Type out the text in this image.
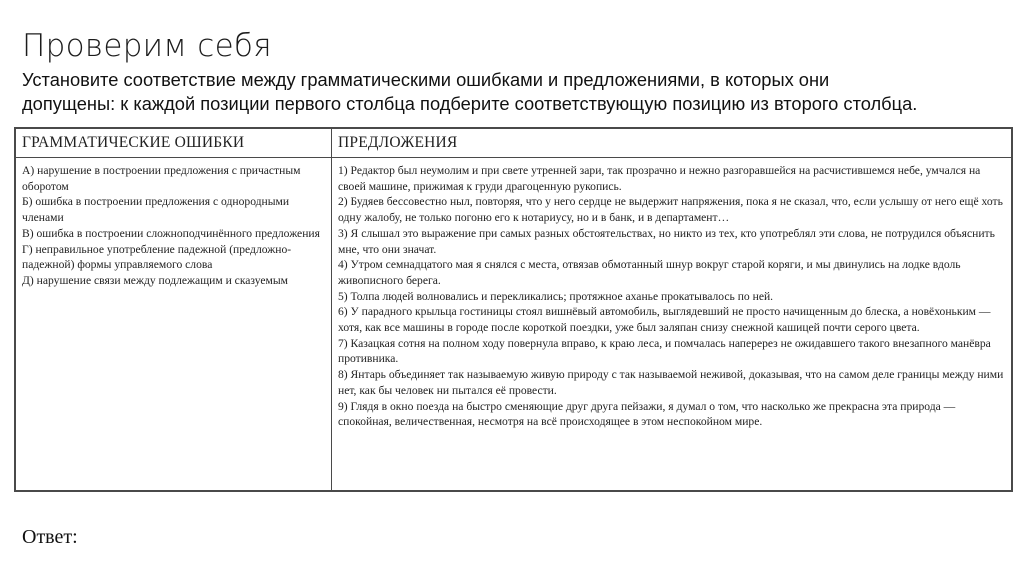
Проверим себя
Установите соответствие между грамматическими ошибками и предложениями, в которых они допущены: к каждой позиции первого столбца подберите соответствующую позицию из второго столбца.
ГРАММАТИЧЕСКИЕ ОШИБКИ	ПРЕДЛОЖЕНИЯ
А) нарушение в построении предложения с причастным оборотом
Б) ошибка в построении предложения с однородными членами
В) ошибка в построении сложноподчинённого предложения
Г) неправильное употребление падежной (предложно-падежной) формы управляемого слова
Д) нарушение связи между подлежащим и сказуемым
1) Редактор был неумолим и при свете утренней зари, так прозрачно и нежно разгоравшейся на расчистившемся небе, умчался на своей машине, прижимая к груди драгоценную рукопись.
2) Будяев бессовестно ныл, повторяя, что у него сердце не выдержит напряжения, пока я не сказал, что, если услышу от него ещё хоть одну жалобу, не только погоню его к нотариусу, но и в банк, и в департамент…
3) Я слышал это выражение при самых разных обстоятельствах, но никто из тех, кто употреблял эти слова, не потрудился объяснить мне, что они значат.
4) Утром семнадцатого мая я снялся с места, отвязав обмотанный шнур вокруг старой коряги, и мы двинулись на лодке вдоль живописного берега.
5) Толпа людей волновались и перекликались; протяжное аханье прокатывалось по ней.
6) У парадного крыльца гостиницы стоял вишнёвый автомобиль, выглядевший не просто начищенным до блеска, а новёхоньким — хотя, как все машины в городе после короткой поездки, уже был заляпан снизу снежной кашицей почти серого цвета.
7) Казацкая сотня на полном ходу повернула вправо, к краю леса, и помчалась наперерез не ожидавшего такого внезапного манёвра противника.
8) Янтарь объединяет так называемую живую природу с так называемой неживой, доказывая, что на самом деле границы между ними нет, как бы человек ни пытался её провести.
9) Глядя в окно поезда на быстро сменяющие друг друга пейзажи, я думал о том, что насколько же прекрасна эта природа — спокойная, величественная, несмотря на всё происходящее в этом неспокойном мире.
Ответ:
